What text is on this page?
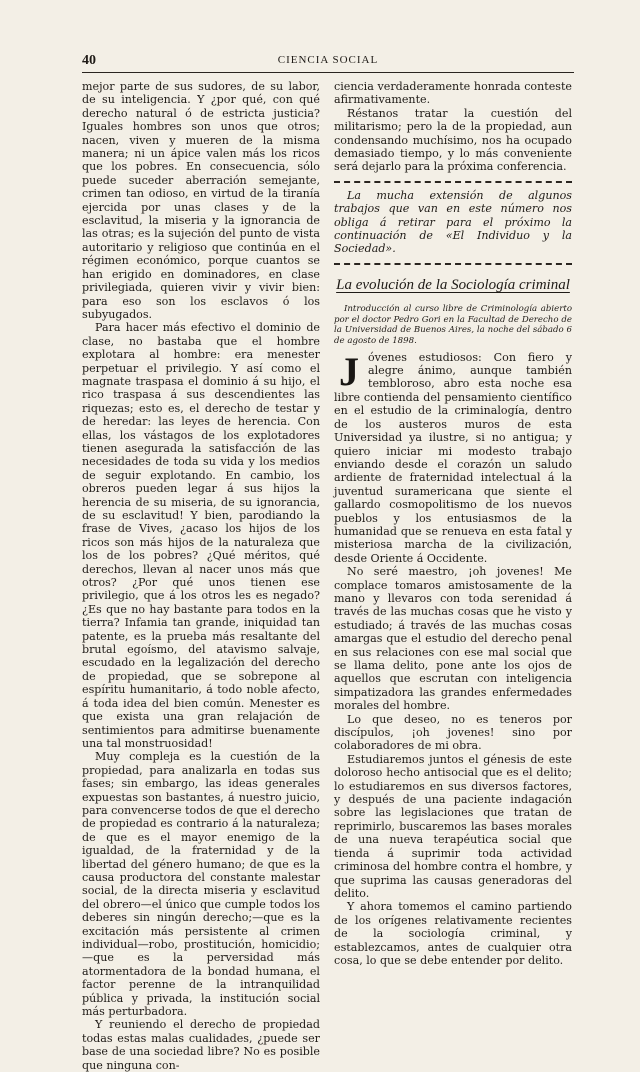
40	CIENCIA SOCIAL

mejor parte de sus sudores, de su labor, de su inteligencia. Y ¿por qué, con qué derecho natural ó de estricta justicia? Iguales hombres son unos que otros; nacen, viven y mueren de la misma manera; ni un ápice valen más los ricos que los pobres. En consecuencia, sólo puede suceder aberración semejante, crimen tan odioso, en virtud de la tiranía ejercida por unas clases y de la esclavitud, la miseria y la ignorancia de las otras; es la sujeción del punto de vista autoritario y religioso que continúa en el régimen económico, porque cuantos se han erigido en dominadores, en clase privilegiada, quieren vivir y vivir bien: para eso son los esclavos ó los subyugados.

Para hacer más efectivo el dominio de clase, no bastaba que el hombre explotara al hombre: era menester perpetuar el privilegio. Y así como el magnate traspasa el dominio á su hijo, el rico traspasa á sus descendientes las riquezas; esto es, el derecho de testar y de heredar: las leyes de herencia. Con ellas, los vástagos de los explotadores tienen asegurada la satisfacción de las necesidades de toda su vida y los medios de seguir explotando. En cambio, los obreros pueden legar á sus hijos la herencia de su miseria, de su ignorancia, de su esclavitud! Y bien, parodiando la frase de Vives, ¿acaso los hijos de los ricos son más hijos de la naturaleza que los de los pobres? ¿Qué méritos, qué derechos, llevan al nacer unos más que otros? ¿Por qué unos tienen ese privilegio, que á los otros les es negado? ¿Es que no hay bastante para todos en la tierra? Infamia tan grande, iniquidad tan patente, es la prueba más resaltante del brutal egoísmo, del atavismo salvaje, escudado en la legalización del derecho de propiedad, que se sobrepone al espíritu humanitario, á todo noble afecto, á toda idea del bien común. Menester es que exista una gran relajación de sentimientos para admitirse buenamente una tal monstruosidad!

Muy compleja es la cuestión de la propiedad, para analizarla en todas sus fases; sin embargo, las ideas generales expuestas son bastantes, á nuestro juicio, para convencerse todos de que el derecho de propiedad es contrario á la naturaleza; de que es el mayor enemigo de la igualdad, de la fraternidad y de la libertad del género humano; de que es la causa productora del constante malestar social, de la directa miseria y esclavitud del obrero—el único que cumple todos los deberes sin ningún derecho;—que es la excitación más persistente al crimen individual—robo, prostitución, homicidio;—que es la perversidad más atormentadora de la bondad humana, el factor perenne de la intranquilidad pública y privada, la institución social más perturbadora.

Y reuniendo el derecho de propiedad todas estas malas cualidades, ¿puede ser base de una sociedad libre? No es posible que ninguna con-

ciencia verdaderamente honrada conteste afirmativamente.

Réstanos tratar la cuestión del militarismo; pero la de la propiedad, aun condensando muchísimo, nos ha ocupado demasiado tiempo, y lo más conveniente será dejarlo para la próxima conferencia.

La mucha extensión de algunos trabajos que van en este número nos obliga á retirar para el próximo la continuación de «El Individuo y la Sociedad».

La evolución de la Sociología criminal

Introducción al curso libre de Criminología abierto por el doctor Pedro Gori en la Facultad de Derecho de la Universidad de Buenos Aires, la noche del sábado 6 de agosto de 1898.

J óvenes estudiosos: Con fiero y alegre ánimo, aunque también tembloroso, abro esta noche esa libre contienda del pensamiento científico en el estudio de la criminalogía, dentro de los austeros muros de esta Universidad ya ilustre, si no antigua; y quiero iniciar mi modesto trabajo enviando desde el corazón un saludo ardiente de fraternidad intelectual á la juventud suramericana que siente el gallardo cosmopolitismo de los nuevos pueblos y los entusiasmos de la humanidad que se renueva en esta fatal y misteriosa marcha de la civilización, desde Oriente á Occidente.

No seré maestro, ¡oh jovenes! Me complace tomaros amistosamente de la mano y llevaros con toda serenidad á través de las muchas cosas que he visto y estudiado; á través de las muchas cosas amargas que el estudio del derecho penal en sus relaciones con ese mal social que se llama delito, pone ante los ojos de aquellos que escrutan con inteligencia simpatizadora las grandes enfermedades morales del hombre.

Lo que deseo, no es teneros por discípulos, ¡oh jovenes! sino por colaboradores de mi obra.

Estudiaremos juntos el génesis de este doloroso hecho antisocial que es el delito; lo estudiaremos en sus diversos factores, y después de una paciente indagación sobre las legislaciones que tratan de reprimirlo, buscaremos las bases morales de una nueva terapéutica social que tienda á suprimir toda actividad criminosa del hombre contra el hombre, y que suprima las causas generadoras del delito.

Y ahora tomemos el camino partiendo de los orígenes relativamente recientes de la sociología criminal, y establezcamos, antes de cualquier otra cosa, lo que se debe entender por delito.
